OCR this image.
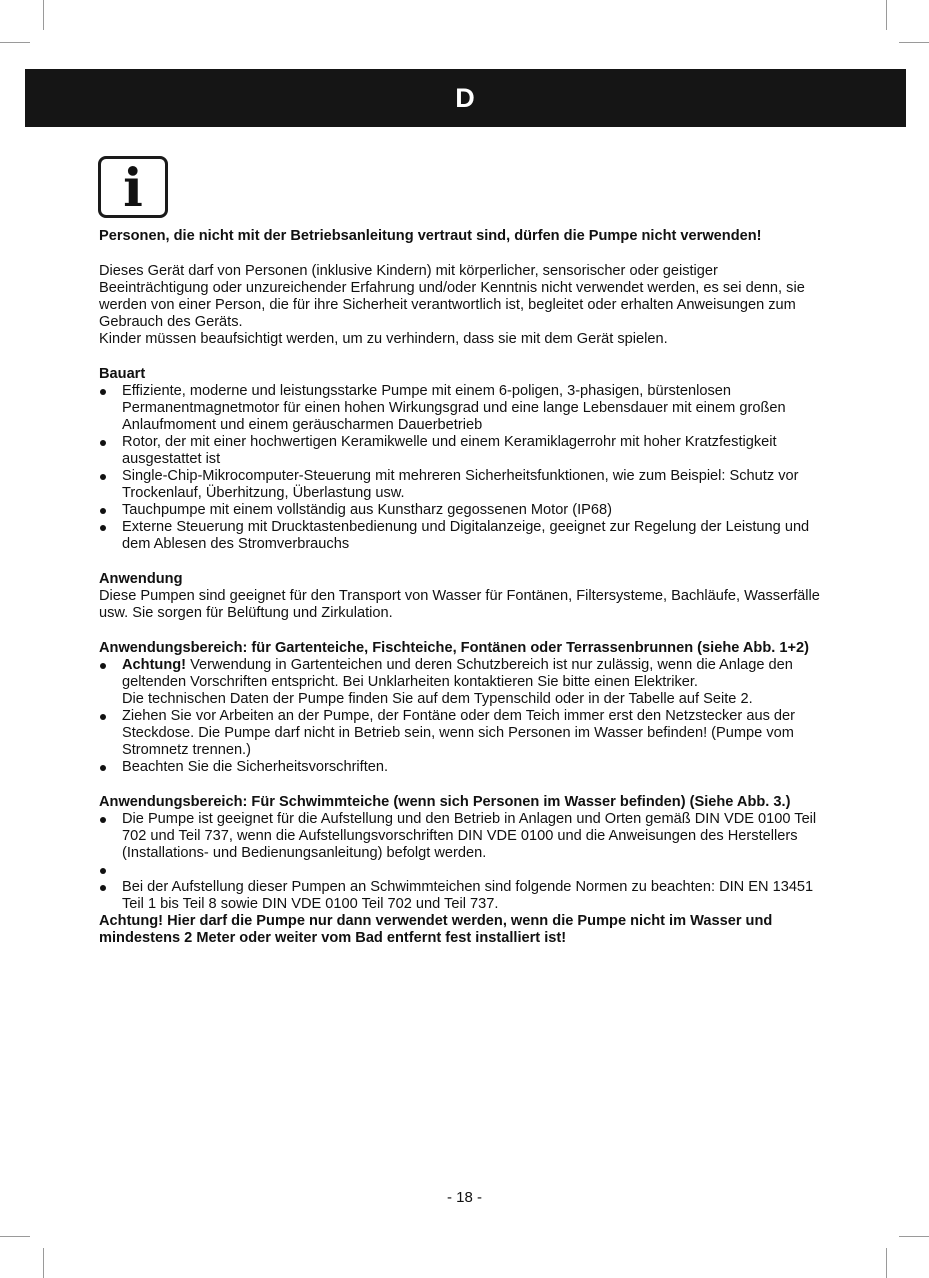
D
i

Personen, die nicht mit der Betriebsanleitung vertraut sind, dürfen die Pumpe nicht verwenden!

Dieses Gerät darf von Personen (inklusive Kindern) mit körperlicher, sensorischer oder geistiger Beeinträchtigung oder unzureichender Erfahrung und/oder Kenntnis nicht verwendet werden, es sei denn, sie werden von einer Person, die für ihre Sicherheit verantwortlich ist, begleitet oder erhalten Anweisungen zum Gebrauch des Geräts.

Kinder müssen beaufsichtigt werden, um zu verhindern, dass sie mit dem Gerät spielen.

Bauart

Effiziente, moderne und leistungsstarke Pumpe mit einem 6-poligen, 3-phasigen, bürstenlosen Permanentmagnetmotor für einen hohen Wirkungsgrad und eine lange Lebensdauer mit einem großen Anlaufmoment und einem geräuscharmen Dauerbetrieb
Rotor, der mit einer hochwertigen Keramikwelle und einem Keramiklagerrohr mit hoher Kratzfestigkeit ausgestattet ist
Single-Chip-Mikrocomputer-Steuerung mit mehreren Sicherheitsfunktionen, wie zum Beispiel: Schutz vor Trockenlauf, Überhitzung, Überlastung usw.
Tauchpumpe mit einem vollständig aus Kunstharz gegossenen Motor (IP68)
Externe Steuerung mit Drucktastenbedienung und Digitalanzeige, geeignet zur Regelung der Leistung und dem Ablesen des Stromverbrauchs

Anwendung

Diese Pumpen sind geeignet für den Transport von Wasser für Fontänen, Filtersysteme, Bachläufe, Wasserfälle usw. Sie sorgen für Belüftung und Zirkulation.

Anwendungsbereich: für Gartenteiche, Fischteiche, Fontänen oder Terrassenbrunnen (siehe Abb. 1+2)

Achtung! Verwendung in Gartenteichen und deren Schutzbereich ist nur zulässig, wenn die Anlage den geltenden Vorschriften entspricht. Bei Unklarheiten kontaktieren Sie bitte einen Elektriker.
Die technischen Daten der Pumpe finden Sie auf dem Typenschild oder in der Tabelle auf Seite 2.
Ziehen Sie vor Arbeiten an der Pumpe, der Fontäne oder dem Teich immer erst den Netzstecker aus der Steckdose. Die Pumpe darf nicht in Betrieb sein, wenn sich Personen im Wasser befinden! (Pumpe vom Stromnetz trennen.)
Beachten Sie die Sicherheitsvorschriften.

Anwendungsbereich: Für Schwimmteiche (wenn sich Personen im Wasser befinden) (Siehe Abb. 3.)

Die Pumpe ist geeignet für die Aufstellung und den Betrieb in Anlagen und Orten gemäß DIN VDE 0100 Teil 702 und Teil 737, wenn die Aufstellungsvorschriften DIN VDE 0100 und die Anweisungen des Herstellers (Installations- und Bedienungsanleitung) befolgt werden.
Bei der Aufstellung dieser Pumpen an Schwimmteichen sind folgende Normen zu beachten: DIN EN 13451 Teil 1 bis Teil 8 sowie DIN VDE 0100 Teil 702 und Teil 737.

Achtung! Hier darf die Pumpe nur dann verwendet werden, wenn die Pumpe nicht im Wasser und mindestens 2 Meter oder weiter vom Bad entfernt fest installiert ist!

- 18 -
